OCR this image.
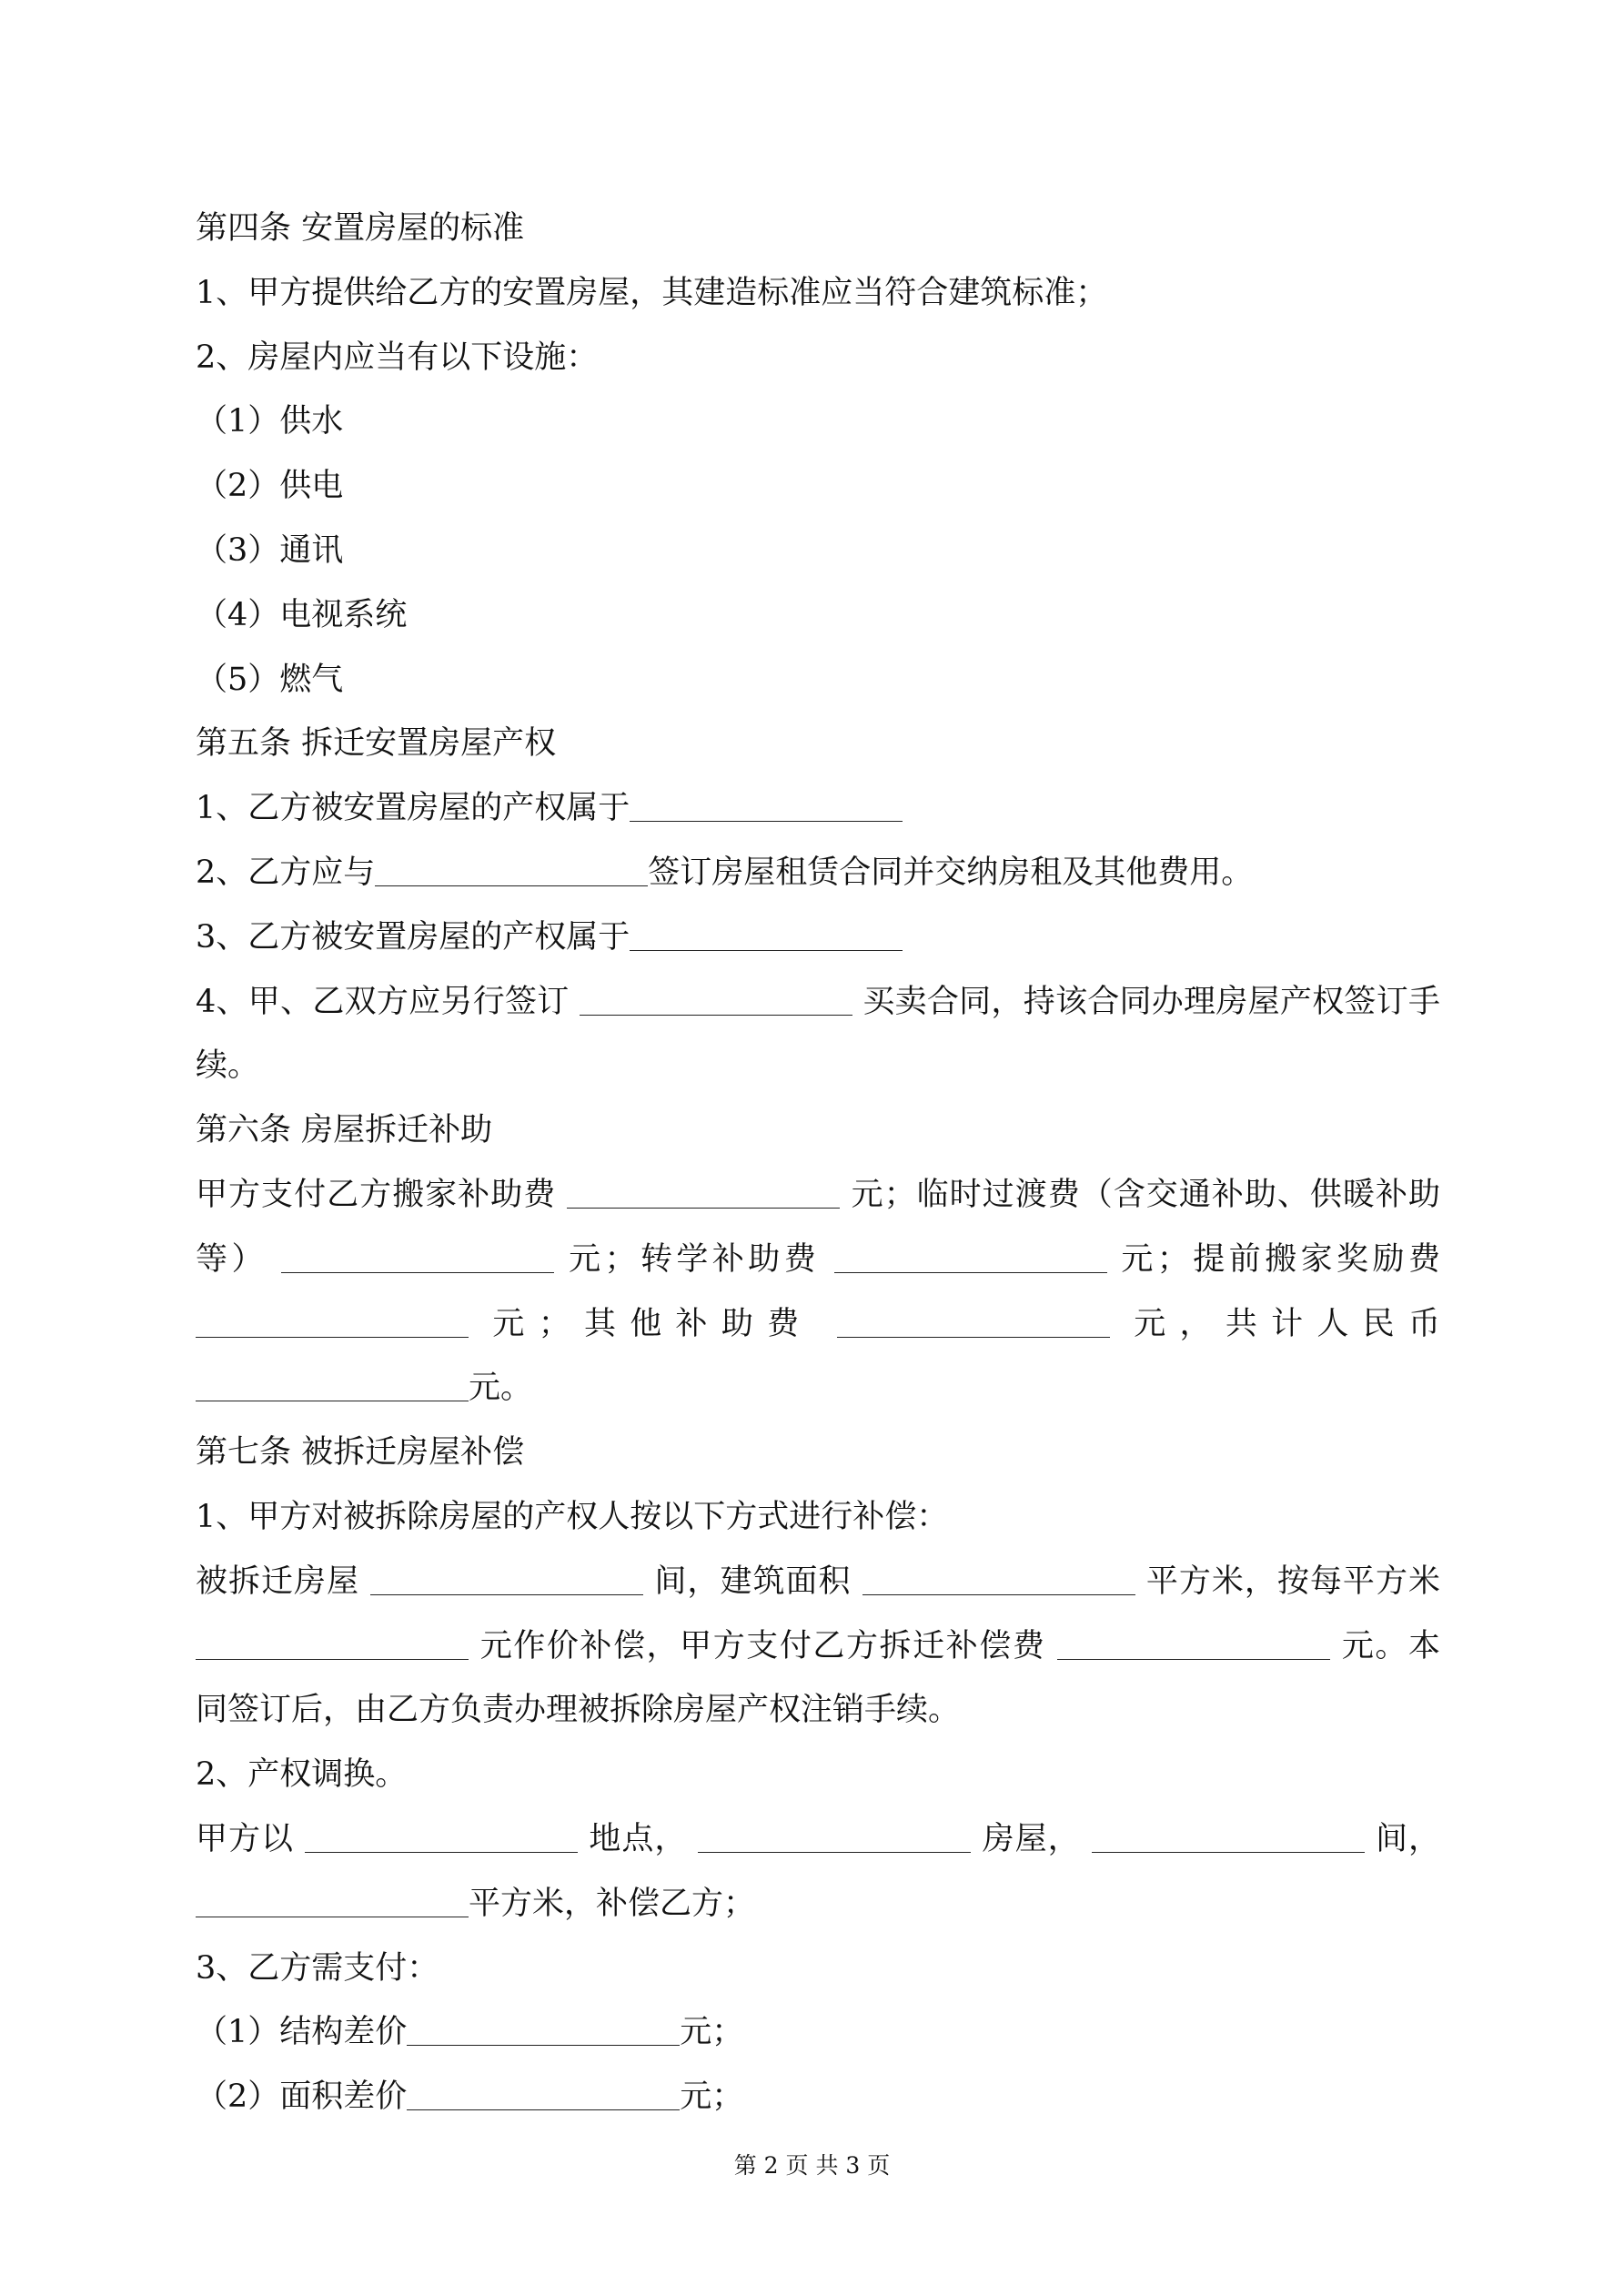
第四条 安置房屋的标准
1、甲方提供给乙方的安置房屋，其建造标准应当符合建筑标准；
2、房屋内应当有以下设施：
（1）供水
（2）供电
（3）通讯
（4）电视系统
（5）燃气
第五条 拆迁安置房屋产权
1、乙方被安置房屋的产权属于
2、乙方应与	签订房屋租赁合同并交纳房租及其他费用。
3、乙方被安置房屋的产权属于
4、甲、乙双方应另行签订	买卖合同，持该合同办理房屋产权签订手
续。
第六条 房屋拆迁补助
甲方支付乙方搬家补助费	元；临时过渡费（含交通补助、供暖补助
等）	元；转学补助费	元；提前搬家奖励费
元；其他补助费	元，共计人民币
元。
第七条 被拆迁房屋补偿
1、甲方对被拆除房屋的产权人按以下方式进行补偿：
被拆迁房屋	间，建筑面积	平方米，按每平方米
元作价补偿，甲方支付乙方拆迁补偿费	元。本
同签订后，由乙方负责办理被拆除房屋产权注销手续。
2、产权调换。
甲方以	地点，	房屋，	间，
平方米，补偿乙方；
3、乙方需支付：
（1）结构差价	元；
（2）面积差价	元；
第 2 页 共 3 页
